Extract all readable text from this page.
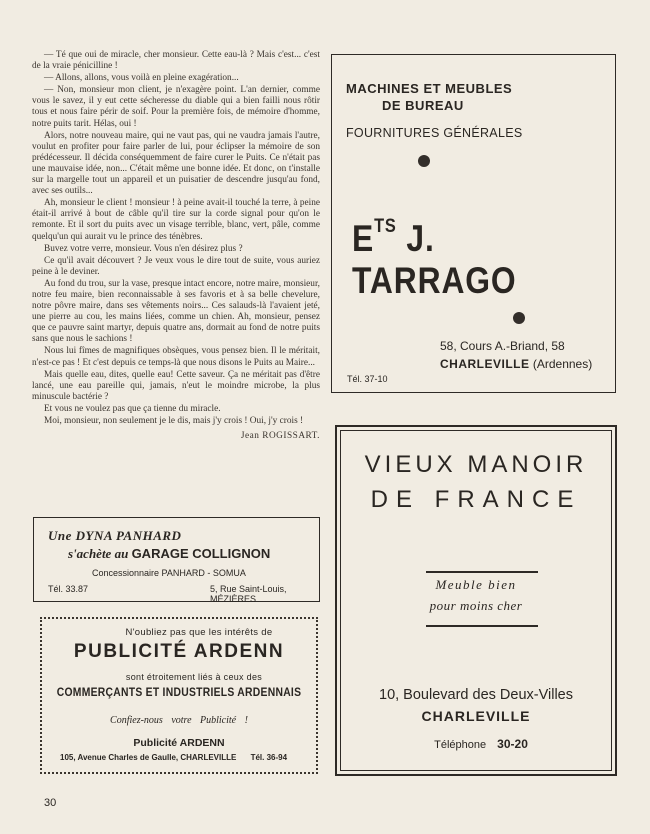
— Té que oui de miracle, cher monsieur. Cette eau-là ? Mais c'est... c'est de la vraie pénicilline !

— Allons, allons, vous voilà en pleine exagération...

— Non, monsieur mon client, je n'exagère point. L'an dernier, comme vous le savez, il y eut cette sécheresse du diable qui a bien failli nous rôtir tous et nous faire périr de soif. Pour la première fois, de mémoire d'homme, notre puits tarit. Hélas, oui !

Alors, notre nouveau maire, qui ne vaut pas, qui ne vaudra jamais l'autre, voulut en profiter pour faire parler de lui, pour éclipser la mémoire de son prédécesseur. Il décida conséquemment de faire curer le Puits. Ce n'était pas une mauvaise idée, non... C'était même une bonne idée. Et donc, on t'installe sur la margelle tout un appareil et un puisatier de descendre jusqu'au fond, avec ses outils...

Ah, monsieur le client ! monsieur ! à peine avait-il touché la terre, à peine était-il arrivé à bout de câble qu'il tire sur la corde signal pour qu'on le remonte. Et il sort du puits avec un visage terrible, blanc, vert, pâle, comme quelqu'un qui aurait vu le prince des ténèbres.

Buvez votre verre, monsieur. Vous n'en désirez plus ?

Ce qu'il avait découvert ? Je veux vous le dire tout de suite, vous auriez peine à le deviner.

Au fond du trou, sur la vase, presque intact encore, notre maire, monsieur, notre feu maire, bien reconnaissable à ses favoris et à sa belle chevelure, notre pôvre maire, dans ses vêtements noirs... Ces salauds-là l'avaient jeté, une pierre au cou, les mains liées, comme un chien. Ah, monsieur, pensez que ce pauvre saint martyr, depuis quatre ans, dormait au fond de notre puits sans que nous le sachions !

Nous lui fîmes de magnifiques obsèques, vous pensez bien. Il le méritait, n'est-ce pas ! Et c'est depuis ce temps-là que nous disons le Puits au Maire...

Mais quelle eau, dites, quelle eau! Cette saveur. Ça ne méritait pas d'être lancé, une eau pareille qui, jamais, n'eut le moindre microbe, la plus minuscule bactérie ?

Et vous ne voulez pas que ça tienne du miracle.

Moi, monsieur, non seulement je le dis, mais j'y crois ! Oui, j'y crois !

Jean ROGISSART.
Une DYNA PANHARD
s'achète au GARAGE COLLIGNON
Concessionnaire PANHARD - SOMUA
Tél. 33.87	5, Rue Saint-Louis, MÉZIÈRES
N'oubliez pas que les intérêts de
PUBLICITÉ ARDENN
sont étroitement liés à ceux des
COMMERÇANTS ET INDUSTRIELS ARDENNAIS
Confiez-nous votre Publicité !
Publicité ARDENN
105, Avenue Charles de Gaulle, CHARLEVILLE Tél. 36-94
MACHINES ET MEUBLES
DE BUREAU
FOURNITURES GÉNÉRALES
$E^{TS}$ J. TARRAGO
58, Cours A.-Briand, 58
CHARLEVILLE (Ardennes)
Tél. 37-10
VIEUX MANOIR
DE FRANCE
Meuble bien
pour moins cher
10, Boulevard des Deux-Villes
CHARLEVILLE
Téléphone 30-20
30
